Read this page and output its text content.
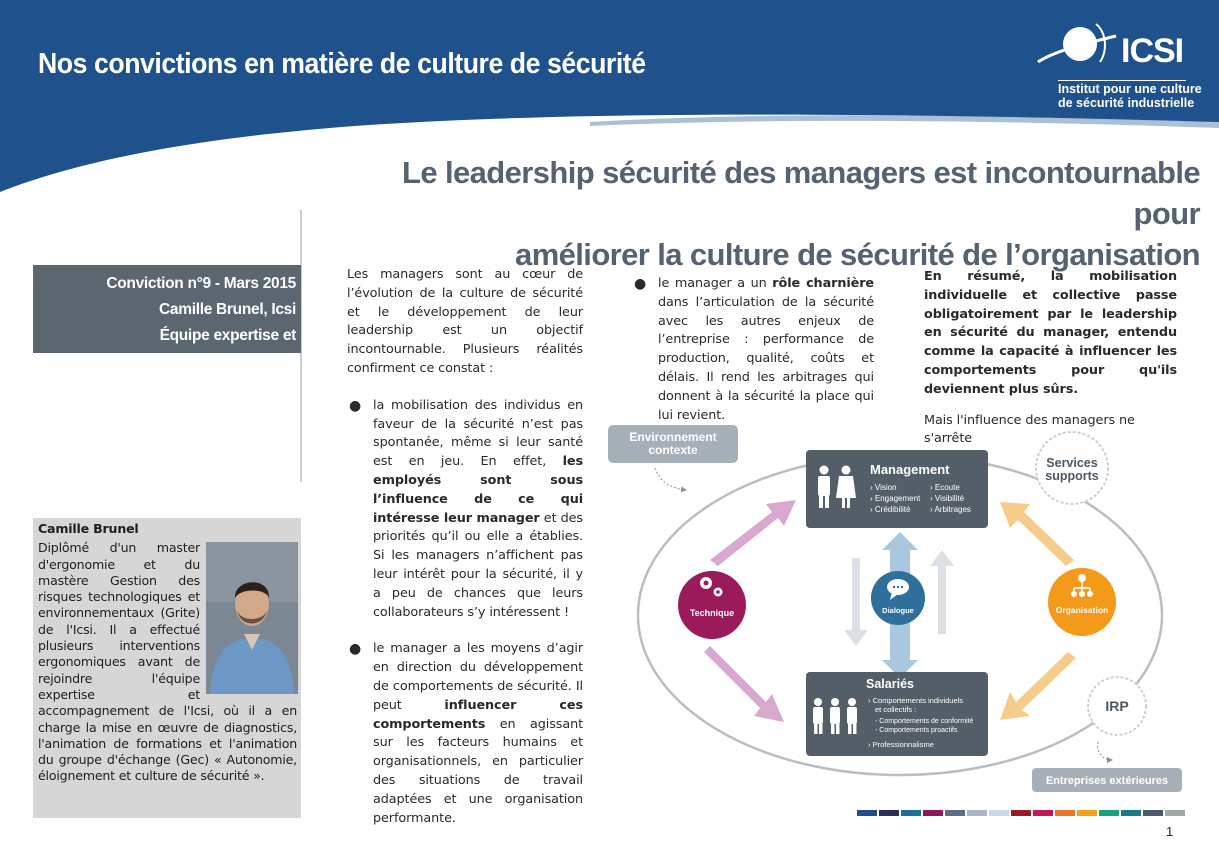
Nos convictions en matière de culture de sécurité	ICSI
Institut pour une culture
de sécurité industrielle
Le leadership sécurité des managers est incontournable pour
améliorer la culture de sécurité de l’organisation
Conviction n°9 - Mars 2015
Camille Brunel, Icsi
Équipe expertise et accompagnement
Camille Brunel
Diplômé d'un master d'ergonomie et du mastère Gestion des risques technologiques et environnementaux (Grite) de l'Icsi. Il a effectué plusieurs interventions ergonomiques avant de rejoindre l'équipe expertise et accompagnement de l'Icsi, où il a en charge la mise en œuvre de diagnostics, l'animation de formations et l'animation du groupe d'échange (Gec) « Autonomie, éloignement et culture de sécurité ».

Les managers sont au cœur de l’évolution de la culture de sécurité et le développement de leur leadership est un objectif incontournable. Plusieurs réalités confirment ce constat :

● la mobilisation des individus en faveur de la sécurité n’est pas spontanée, même si leur santé est en jeu. En effet, les employés sont sous l’influence de ce qui intéresse leur manager et des priorités qu’il ou elle a établies. Si les managers n’affichent pas leur intérêt pour la sécurité, il y a peu de chances que leurs collaborateurs s’y intéressent !

● le manager a les moyens d’agir en direction du développement de comportements de sécurité. Il peut influencer ces comportements en agissant sur les facteurs humains et organisationnels, en particulier des situations de travail adaptées et une organisation performante.

● le manager a un rôle charnière dans l’articulation de la sécurité avec les autres enjeux de l’entreprise : performance de production, qualité, coûts et délais. Il rend les arbitrages qui donnent à la sécurité la place qui lui revient.

En résumé, la mobilisation individuelle et collective passe obligatoirement par le leadership en sécurité du manager, entendu comme la capacité à influencer les comportements pour qu'ils deviennent plus sûrs.

Mais l'influence des managers ne s'arrête

Environnement
contexte
Services
supports
Management
› Vision
› Engagement
› Crédibilité
› Ecoute
› Visibilité
› Arbitrages
Technique	Dialogue	Organisation
Salariés
› Comportements individuels
et collectifs :
- Comportements de conformité
- Comportements proactifs
› Professionnalisme
IRP
Entreprises extérieures
1
